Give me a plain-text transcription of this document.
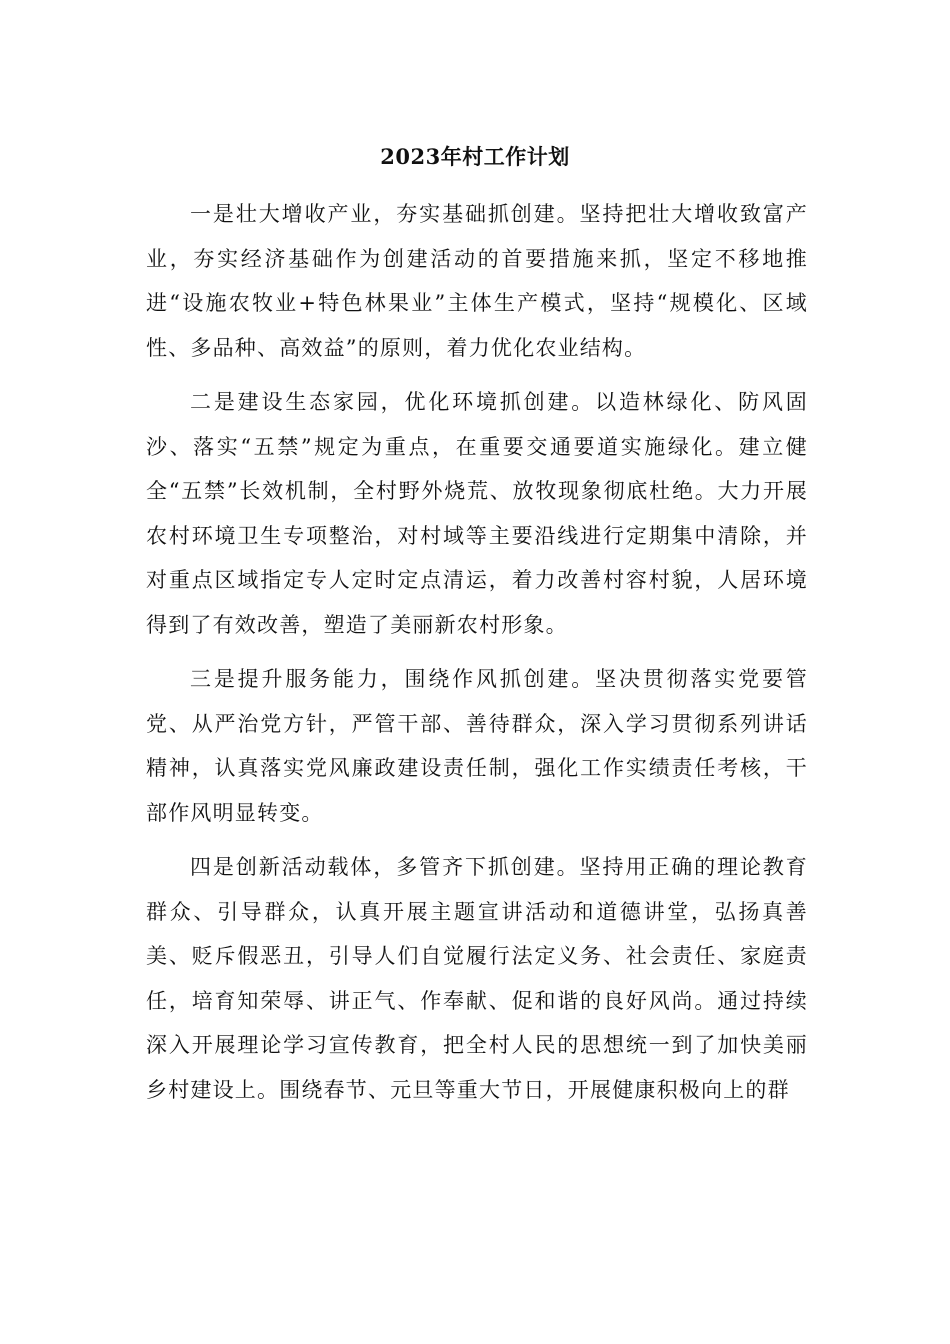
2023年村工作计划

一是壮大增收产业，夯实基础抓创建。坚持把壮大增收致富产业，夯实经济基础作为创建活动的首要措施来抓，坚定不移地推进“设施农牧业+特色林果业”主体生产模式，坚持“规模化、区域性、多品种、高效益”的原则，着力优化农业结构。

二是建设生态家园，优化环境抓创建。以造林绿化、防风固沙、落实“五禁”规定为重点，在重要交通要道实施绿化。建立健全“五禁”长效机制，全村野外烧荒、放牧现象彻底杜绝。大力开展农村环境卫生专项整治，对村域等主要沿线进行定期集中清除，并对重点区域指定专人定时定点清运，着力改善村容村貌，人居环境得到了有效改善，塑造了美丽新农村形象。

三是提升服务能力，围绕作风抓创建。坚决贯彻落实党要管党、从严治党方针，严管干部、善待群众，深入学习贯彻系列讲话精神，认真落实党风廉政建设责任制，强化工作实绩责任考核，干部作风明显转变。

四是创新活动载体，多管齐下抓创建。坚持用正确的理论教育群众、引导群众，认真开展主题宣讲活动和道德讲堂，弘扬真善美、贬斥假恶丑，引导人们自觉履行法定义务、社会责任、家庭责任，培育知荣辱、讲正气、作奉献、促和谐的良好风尚。通过持续深入开展理论学习宣传教育，把全村人民的思想统一到了加快美丽乡村建设上。围绕春节、元旦等重大节日，开展健康积极向上的群
